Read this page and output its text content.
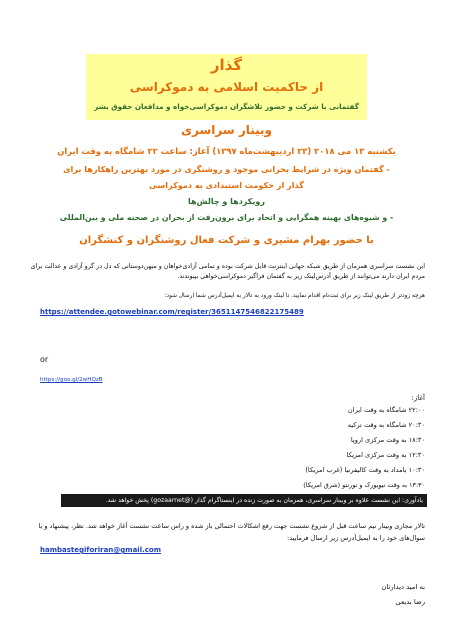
گذار
از حاکمیت اسلامی به دموکراسی
گفتمانی با شرکت و حضور تلاشگران دموکراسی‌خواه و مدافعان حقوق بشر
وبینار سراسری
یکشنبه ۱۳ می ۲۰۱۸ (۲۳ اردیبهشت‌ماه ۱۳۹۷) آغاز: ساعت ۲۲ شامگاه به وقت ایران
- گفتمان ویژه در شرایط بحرانی موجود و روشنگری در مورد بهترین راهکارها برای
گذار از حکومت استبدادی به دموکراسی
رویکردها و چالش‌ها
- و شیوه‌های بهینه همگرایی و اتحاد برای برون‌رفت از بحران در صحنه ملی و بین‌المللی
با حضور بهرام مشیری و شرکت فعال روشنگران و کنشگران
این نشست سراسری همزمان از طریق شبکه جهانی اینترنت قابل شرکت بوده و تمامی آزادی‌خواهان و میهن‌دوستانی که دل در گرو آزادی و عدالت برای مردم ایران دارند می‌توانند از طریق آدرس‌لینک زیر به گفتمان فراگیر دموکراسی‌خواهی بپیوندند.
هرچه زودتر از طریق لینک زیر برای ثبت‌نام اقدام نمایید. تا لینک ورود به تالار به ایمیل‌آدرس شما ارسال شود:
https://attendee.gotowebinar.com/register/3651147546822175489
or
https://goo.gl/2wHQzB
آغاز:
۲۲:۰۰ شامگاه به وقت ایران
۲۰:۳۰ شامگاه به وقت ترکیه
۱۸:۳۰ به وقت مرکزی اروپا
۱۲:۳۰ به وقت مرکزی امریکا
۱۰:۳۰ بامداد به وقت کالیفرنیا (غرب امریکا)
یادآوری: این نشست علاوه بر وبینار سراسری، همزمان به صورت زنده در اینستاگرام گذار (@gozaarnet) پخش خواهد شد.
تالار مجازی وبینار نیم ساعت قبل از شروع نشست جهت رفع اشکالات احتمالی باز شده و راس ساعت نشست آغاز خواهد شد. نظر، پیشنهاد و یا سوال‌های خود را به ایمیل‌آدرس زیر ارسال فرمایید:
hambastegiforiran@gmail.com
به امید دیدارتان
رضا بدیعی
۱۳:۳۰ به وقت نیویورک و تورنتو (شرق امریکا)
